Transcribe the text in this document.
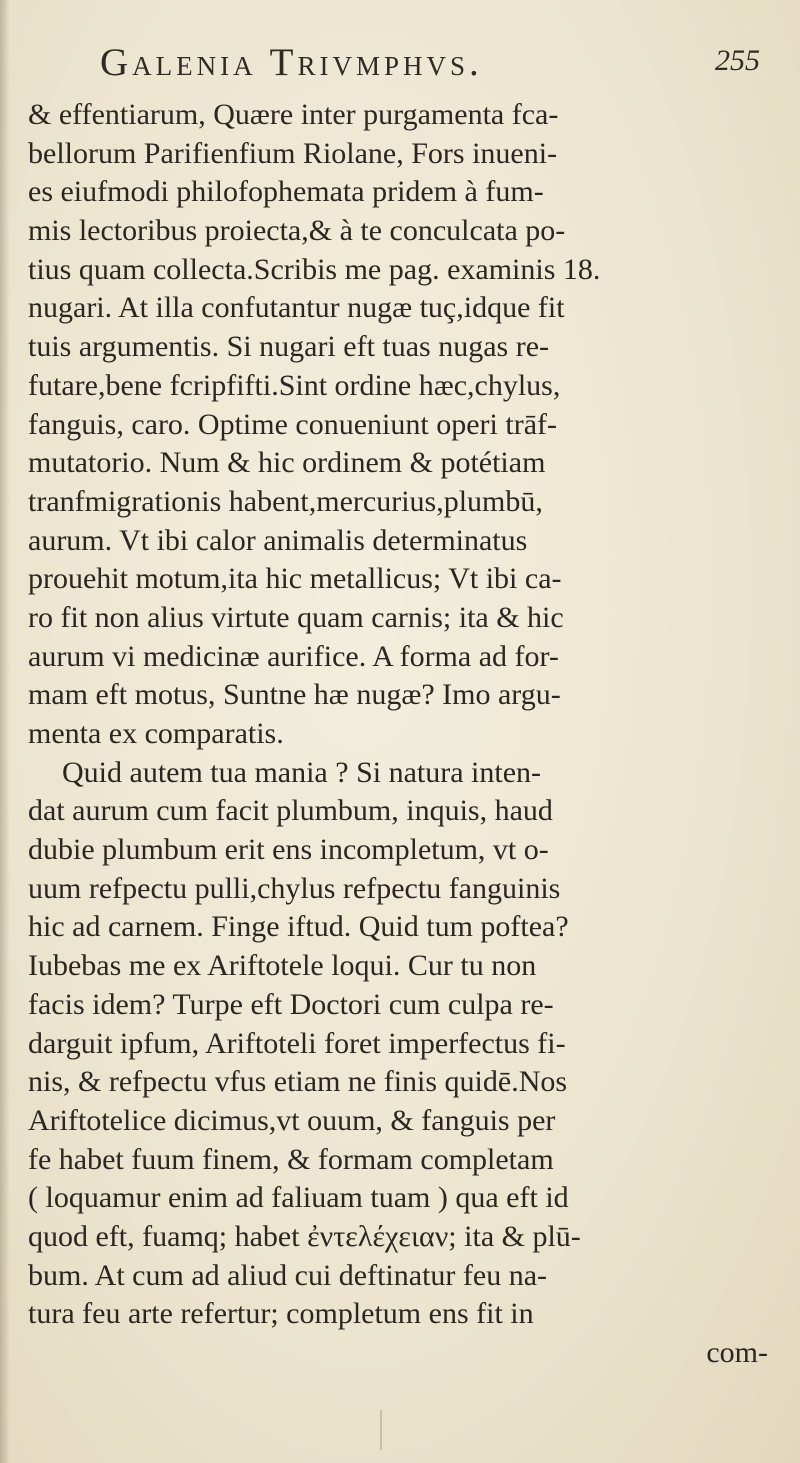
Galenia Trivmphvs.	255
& effentiarum, Quære inter purgamenta fca-
bellorum Parifienfium Riolane, Fors inueni-
es eiufmodi philofophemata pridem à fum-
mis lectoribus proiecta,& à te conculcata po-
tius quam collecta.Scribis me pag. examinis 18.
nugari. At illa confutantur nugæ tuç,idque fit
tuis argumentis. Si nugari eft tuas nugas re-
futare,bene fcripfifti.Sint ordine hæc,chylus,
fanguis, caro. Optime conueniunt operi trāf-
mutatorio. Num & hic ordinem & potétiam
tranfmigrationis habent,mercurius,plumbū,
aurum. Vt ibi calor animalis determinatus
prouehit motum,ita hic metallicus; Vt ibi ca-
ro fit non alius virtute quam carnis; ita & hic
aurum vi medicinæ aurifice. A forma ad for-
mam eft motus, Suntne hæ nugæ? Imo argu-
menta ex comparatis.
Quid autem tua mania ? Si natura inten-
dat aurum cum facit plumbum, inquis, haud
dubie plumbum erit ens incompletum, vt o-
uum refpectu pulli,chylus refpectu fanguinis
hic ad carnem. Finge iftud. Quid tum poftea?
Iubebas me ex Ariftotele loqui. Cur tu non
facis idem? Turpe eft Doctori cum culpa re-
darguit ipfum, Ariftoteli foret imperfectus fi-
nis, & refpectu vfus etiam ne finis quidē.Nos
Ariftotelice dicimus,vt ouum, & fanguis per
fe habet fuum finem, & formam completam
( loquamur enim ad faliuam tuam ) qua eft id
quod eft, fuamq; habet ἐντελέχειαν; ita & plū-
bum. At cum ad aliud cui deftinatur feu na-
tura feu arte refertur; completum ens fit in
com-
